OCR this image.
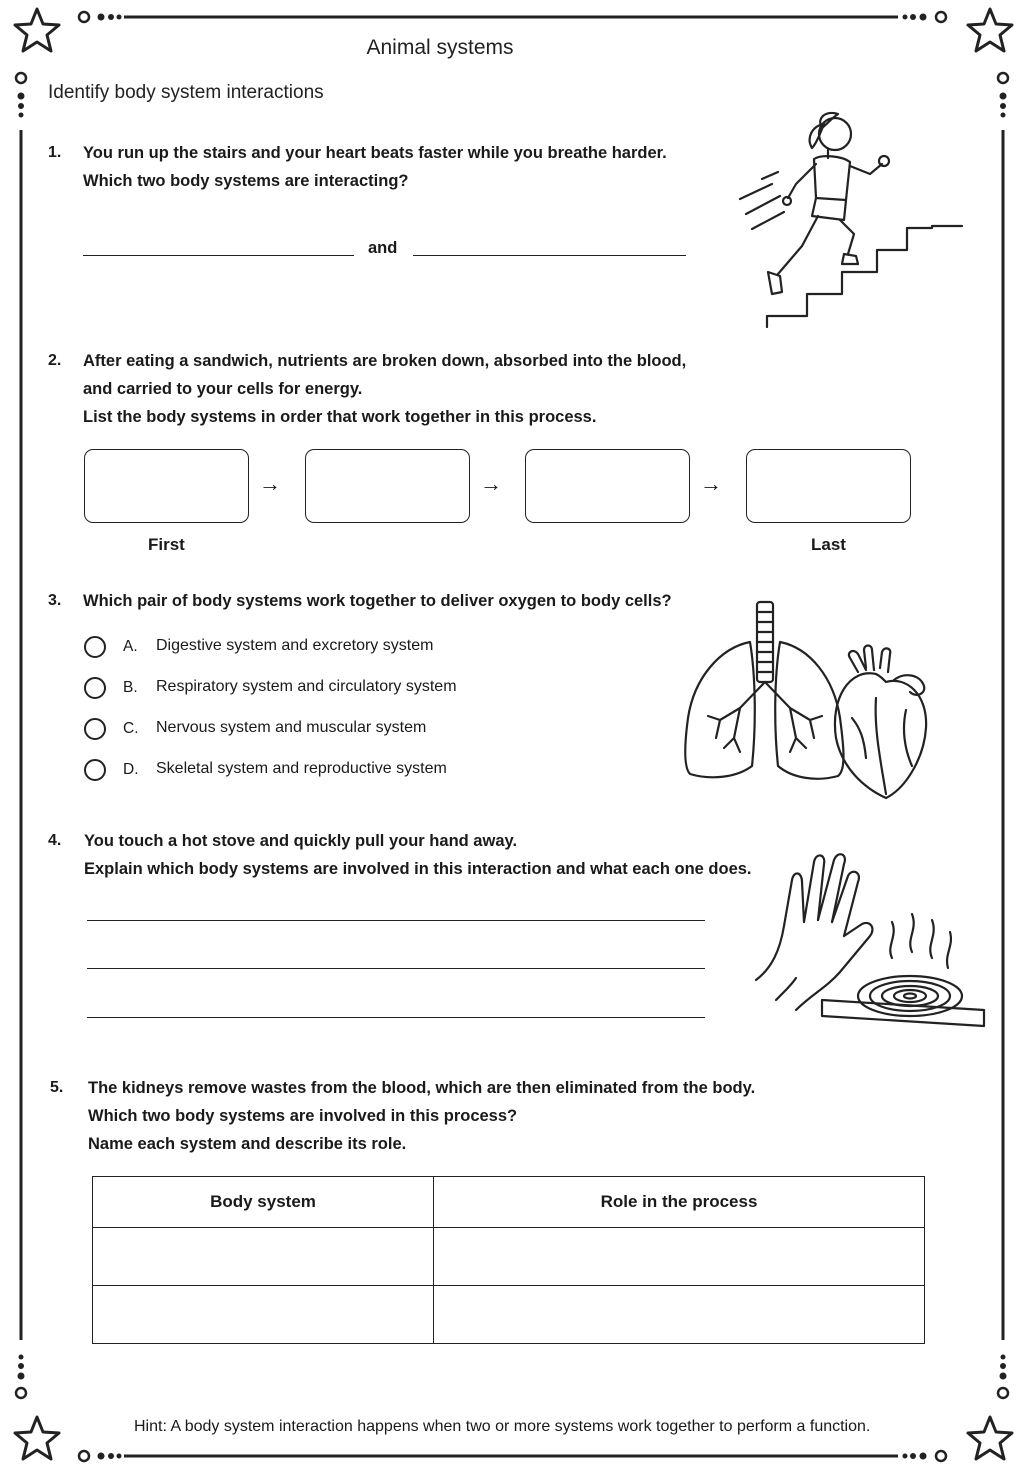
Animal systems
Identify body system interactions
1. You run up the stairs and your heart beats faster while you breathe harder.
Which two body systems are interacting?
and
2. After eating a sandwich, nutrients are broken down, absorbed into the blood,
and carried to your cells for energy.
List the body systems in order that work together in this process.
→	→	→
First	Last
3. Which pair of body systems work together to deliver oxygen to body cells?
A. Digestive system and excretory system
B. Respiratory system and circulatory system
C. Nervous system and muscular system
D. Skeletal system and reproductive system
4. You touch a hot stove and quickly pull your hand away.
Explain which body systems are involved in this interaction and what each one does.
5. The kidneys remove wastes from the blood, which are then eliminated from the body.
Which two body systems are involved in this process?
Name each system and describe its role.
Body system	Role in the process

Hint: A body system interaction happens when two or more systems work together to perform a function.
